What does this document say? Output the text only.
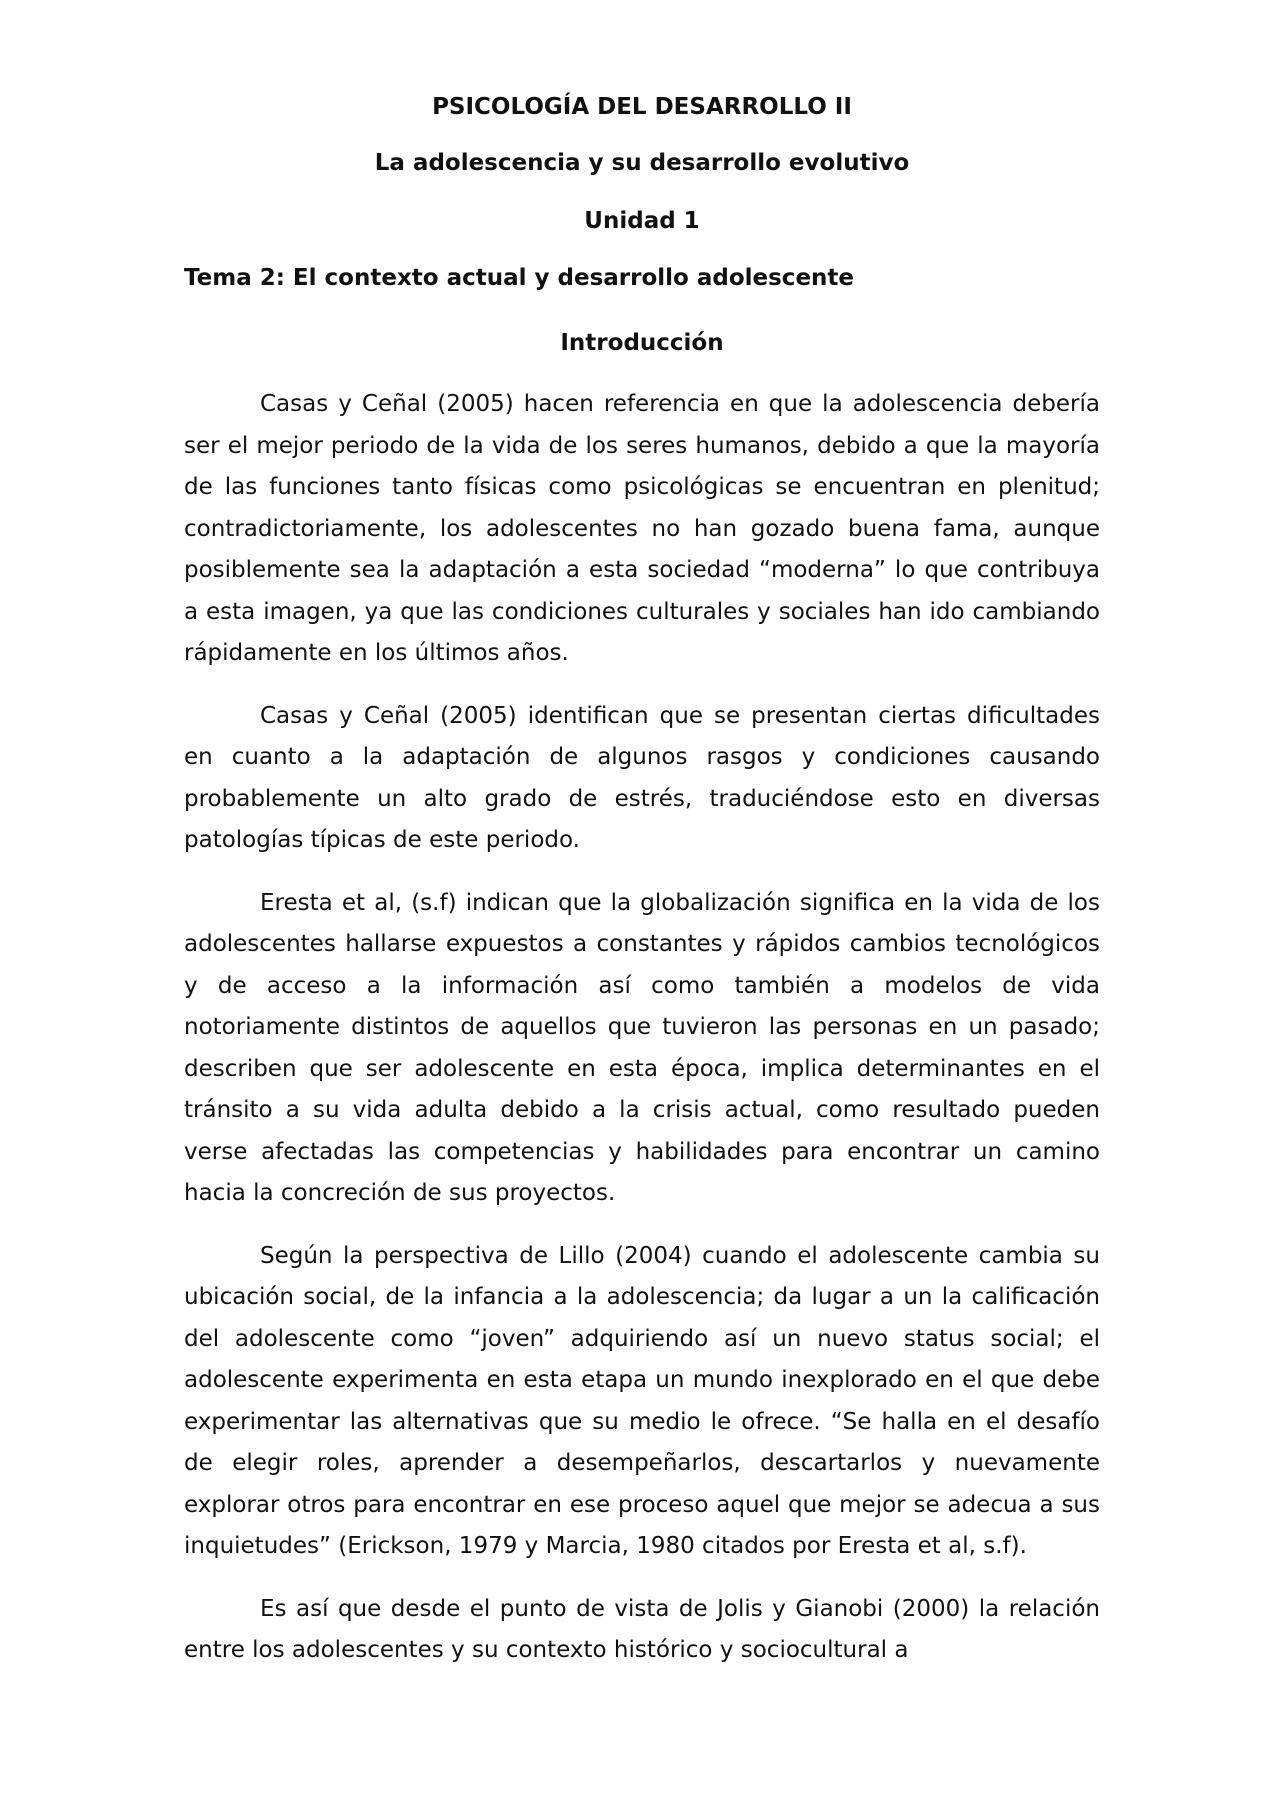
PSICOLOGÍA DEL DESARROLLO II

La adolescencia y su desarrollo evolutivo

Unidad 1

Tema 2: El contexto actual y desarrollo adolescente

Introducción

Casas y Ceñal (2005) hacen referencia en que la adolescencia debería ser el mejor periodo de la vida de los seres humanos, debido a que la mayoría de las funciones tanto físicas como psicológicas se encuentran en plenitud; contradictoriamente, los adolescentes no han gozado buena fama, aunque posiblemente sea la adaptación a esta sociedad “moderna” lo que contribuya a esta imagen, ya que las condiciones culturales y sociales han ido cambiando rápidamente en los últimos años.

Casas y Ceñal (2005) identifican que se presentan ciertas dificultades en cuanto a la adaptación de algunos rasgos y condiciones causando probablemente un alto grado de estrés, traduciéndose esto en diversas patologías típicas de este periodo.

Eresta et al, (s.f) indican que la globalización significa en la vida de los adolescentes hallarse expuestos a constantes y rápidos cambios tecnológicos y de acceso a la información así como también a modelos de vida notoriamente distintos de aquellos que tuvieron las personas en un pasado; describen que ser adolescente en esta época, implica determinantes en el tránsito a su vida adulta debido a la crisis actual, como resultado pueden verse afectadas las competencias y habilidades para encontrar un camino hacia la concreción de sus proyectos.

Según la perspectiva de Lillo (2004) cuando el adolescente cambia su ubicación social, de la infancia a la adolescencia; da lugar a un la calificación del adolescente como “joven” adquiriendo así un nuevo status social; el adolescente experimenta en esta etapa un mundo inexplorado en el que debe experimentar las alternativas que su medio le ofrece. “Se halla en el desafío de elegir roles, aprender a desempeñarlos, descartarlos y nuevamente explorar otros para encontrar en ese proceso aquel que mejor se adecua a sus inquietudes” (Erickson, 1979 y Marcia, 1980 citados por Eresta et al, s.f).

Es así que desde el punto de vista de Jolis y Gianobi (2000) la relación entre los adolescentes y su contexto histórico y sociocultural a
